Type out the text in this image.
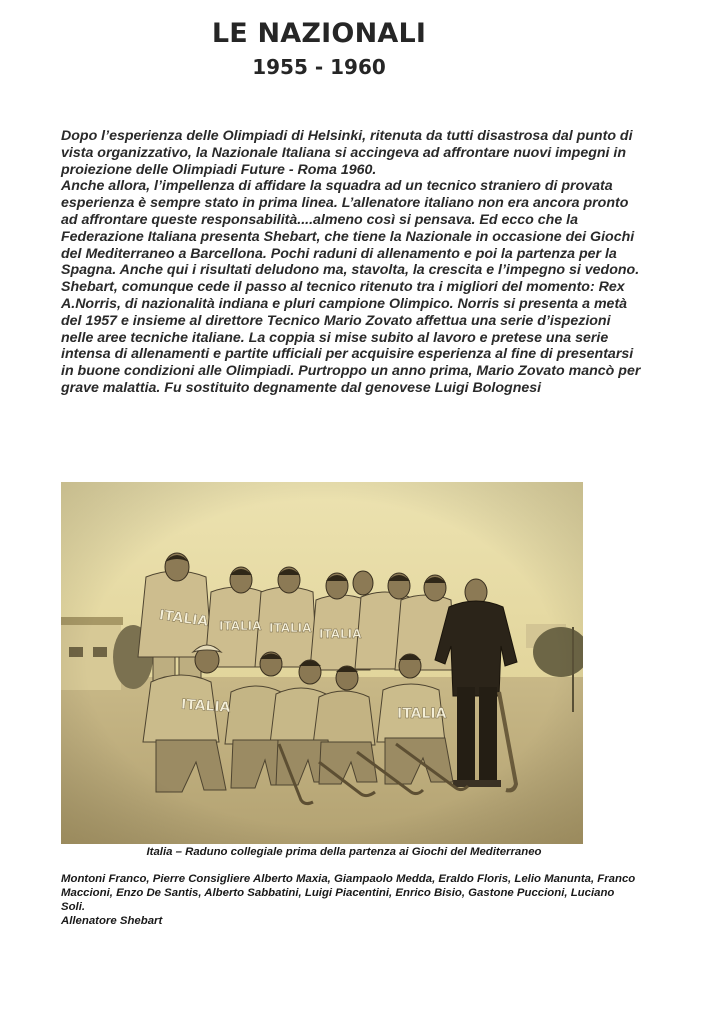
LE NAZIONALI
1955 - 1960

Dopo l’esperienza delle Olimpiadi di Helsinki, ritenuta da tutti disastrosa dal punto di vista organizzativo, la Nazionale Italiana si accingeva ad affrontare nuovi impegni in proiezione delle Olimpiadi Future - Roma 1960.

Anche allora, l’impellenza di affidare la squadra ad un tecnico straniero di provata esperienza è sempre stato in prima linea. L’allenatore italiano non era ancora pronto ad affrontare queste responsabilità....almeno così si pensava. Ed ecco che la Federazione Italiana presenta Shebart, che tiene la Nazionale in occasione dei Giochi del Mediterraneo a Barcellona. Pochi raduni di allenamento e poi la partenza per la Spagna. Anche qui i risultati deludono ma, stavolta, la crescita e l’impegno si vedono. Shebart, comunque cede il passo al tecnico ritenuto tra i migliori del momento: Rex A.Norris, di nazionalità indiana e pluri campione Olimpico. Norris si presenta a metà del 1957 e insieme al direttore Tecnico Mario Zovato affettua una serie d’ispezioni nelle aree tecniche italiane. La coppia si mise subito al lavoro e pretese una serie intensa di allenamenti e partite ufficiali per acquisire esperienza al fine di presentarsi in buone condizioni alle Olimpiadi. Purtroppo un anno prima, Mario Zovato mancò per grave malattia. Fu sostituito degnamente dal genovese Luigi Bolognesi

Italia – Raduno collegiale prima della partenza ai Giochi del Mediterraneo

Montoni Franco, Pierre Consigliere Alberto Maxia, Giampaolo Medda, Eraldo Floris, Lelio Manunta, Franco Maccioni, Enzo De Santis, Alberto Sabbatini, Luigi Piacentini, Enrico Bisio, Gastone Puccioni, Luciano Soli.

Allenatore Shebart
